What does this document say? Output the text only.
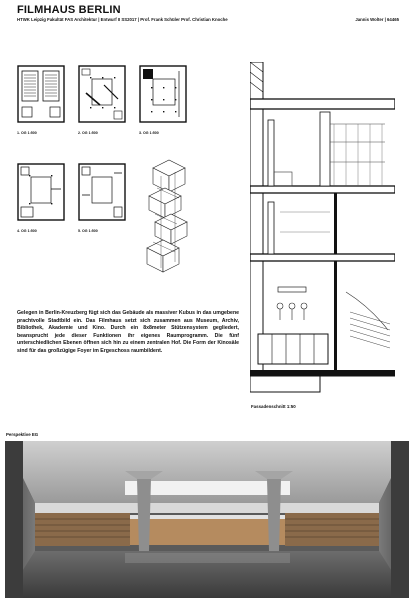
FILMHAUS BERLIN
HTWK Leipzig Fakultät FAS Architektur | Entwurf II SS2017 | Prof. Frank Schüler Prof. Christian Knoche	Jannis Wolter | 64465
1. OG 1:500	2. OG 1:500	3. OG 1:500
4. OG 1:500	5. OG 1:500
Gelegen in Berlin-Kreuzberg fügt sich das Gebäude als massiver Kubus in das umgebene prachtvolle Stadtbild ein. Das Filmhaus setzt sich zusammen aus Museum, Archiv, Bibliothek, Akademie und Kino. Durch ein 8x8meter Stützensystem gegliedert, beansprucht jede dieser Funktionen ihr eigenes Raumprogramm. Die fünf unterschiedlichen Ebenen öffnen sich hin zu einem zentralen Hof. Die Form der Kinosäle sind für das großzügige Foyer im Ergeschoss raumbildent.
Fassadenschnitt 1:50
Perspektive EG
